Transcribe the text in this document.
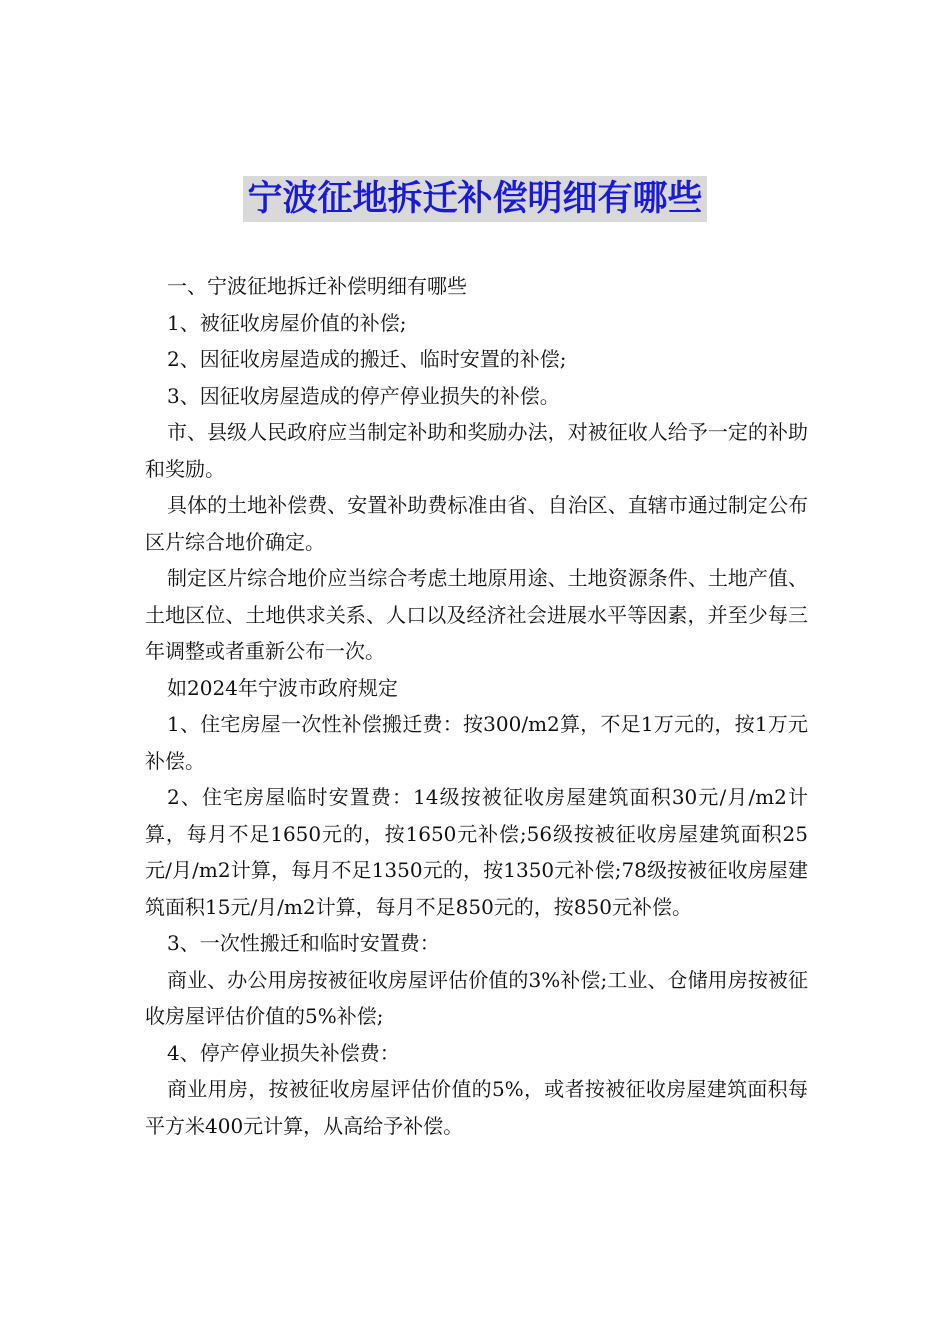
宁波征地拆迁补偿明细有哪些

一、宁波征地拆迁补偿明细有哪些

1、被征收房屋价值的补偿;

2、因征收房屋造成的搬迁、临时安置的补偿;

3、因征收房屋造成的停产停业损失的补偿。

市、县级人民政府应当制定补助和奖励办法，对被征收人给予一定的补助和奖励。

具体的土地补偿费、安置补助费标准由省、自治区、直辖市通过制定公布区片综合地价确定。

制定区片综合地价应当综合考虑土地原用途、土地资源条件、土地产值、土地区位、土地供求关系、人口以及经济社会进展水平等因素，并至少每三年调整或者重新公布一次。

如2024年宁波市政府规定

1、住宅房屋一次性补偿搬迁费：按300/m2算，不足1万元的，按1万元补偿。

2、住宅房屋临时安置费：14级按被征收房屋建筑面积30元/月/m2计算，每月不足1650元的，按1650元补偿;56级按被征收房屋建筑面积25元/月/m2计算，每月不足1350元的，按1350元补偿;78级按被征收房屋建筑面积15元/月/m2计算，每月不足850元的，按850元补偿。

3、一次性搬迁和临时安置费：

商业、办公用房按被征收房屋评估价值的3%补偿;工业、仓储用房按被征收房屋评估价值的5%补偿;

4、停产停业损失补偿费：

商业用房，按被征收房屋评估价值的5%，或者按被征收房屋建筑面积每平方米400元计算，从高给予补偿。
